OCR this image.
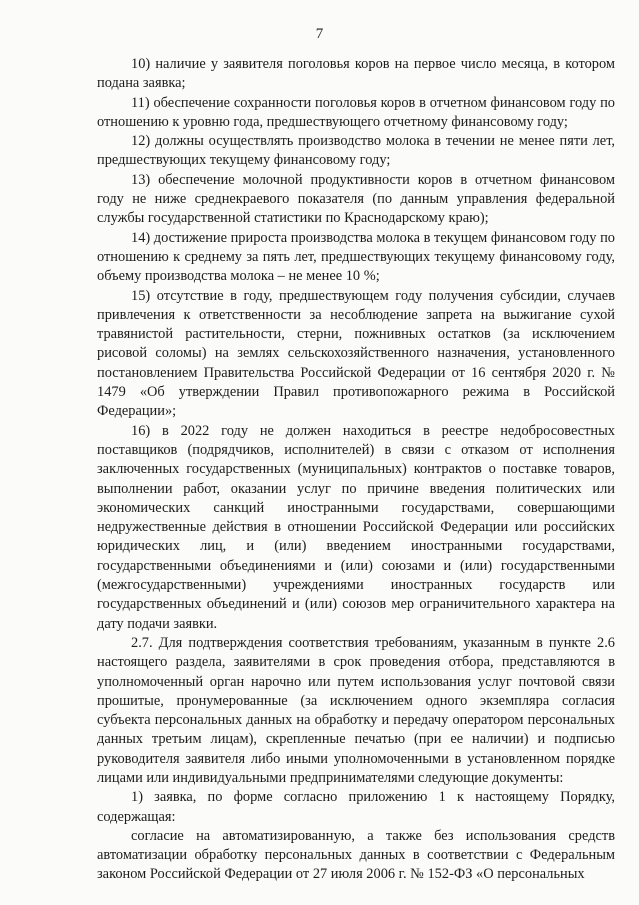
7

10) наличие у заявителя поголовья коров на первое число месяца, в котором подана заявка;

11) обеспечение сохранности поголовья коров в отчетном финансовом году по отношению к уровню года, предшествующего отчетному финансовому году;

12) должны осуществлять производство молока в течении не менее пяти лет, предшествующих текущему финансовому году;

13) обеспечение молочной продуктивности коров в отчетном финансовом году не ниже среднекраевого показателя (по данным управления федеральной службы государственной статистики по Краснодарскому краю);

14) достижение прироста производства молока в текущем финансовом году по отношению к среднему за пять лет, предшествующих текущему финансовому году, объему производства молока – не менее 10 %;

15) отсутствие в году, предшествующем году получения субсидии, случаев привлечения к ответственности за несоблюдение запрета на выжигание сухой травянистой растительности, стерни, пожнивных остатков (за исключением рисовой соломы) на землях сельскохозяйственного назначения, установленного постановлением Правительства Российской Федерации от 16 сентября 2020 г. № 1479 «Об утверждении Правил противопожарного режима в Российской Федерации»;

16) в 2022 году не должен находиться в реестре недобросовестных поставщиков (подрядчиков, исполнителей) в связи с отказом от исполнения заключенных государственных (муниципальных) контрактов о поставке товаров, выполнении работ, оказании услуг по причине введения политических или экономических санкций иностранными государствами, совершающими недружественные действия в отношении Российской Федерации или российских юридических лиц, и (или) введением иностранными государствами, государственными объединениями и (или) союзами и (или) государственными (межгосударственными) учреждениями иностранных государств или государственных объединений и (или) союзов мер ограничительного характера на дату подачи заявки.

2.7. Для подтверждения соответствия требованиям, указанным в пункте 2.6 настоящего раздела, заявителями в срок проведения отбора, представляются в уполномоченный орган нарочно или путем использования услуг почтовой связи прошитые, пронумерованные (за исключением одного экземпляра согласия субъекта персональных данных на обработку и передачу оператором персональных данных третьим лицам), скрепленные печатью (при ее наличии) и подписью руководителя заявителя либо иными уполномоченными в установленном порядке лицами или индивидуальными предпринимателями следующие документы:

1) заявка, по форме согласно приложению 1 к настоящему Порядку, содержащая:

согласие на автоматизированную, а также без использования средств автоматизации обработку персональных данных в соответствии с Федеральным законом Российской Федерации от 27 июля 2006 г. № 152-ФЗ «О персональных
